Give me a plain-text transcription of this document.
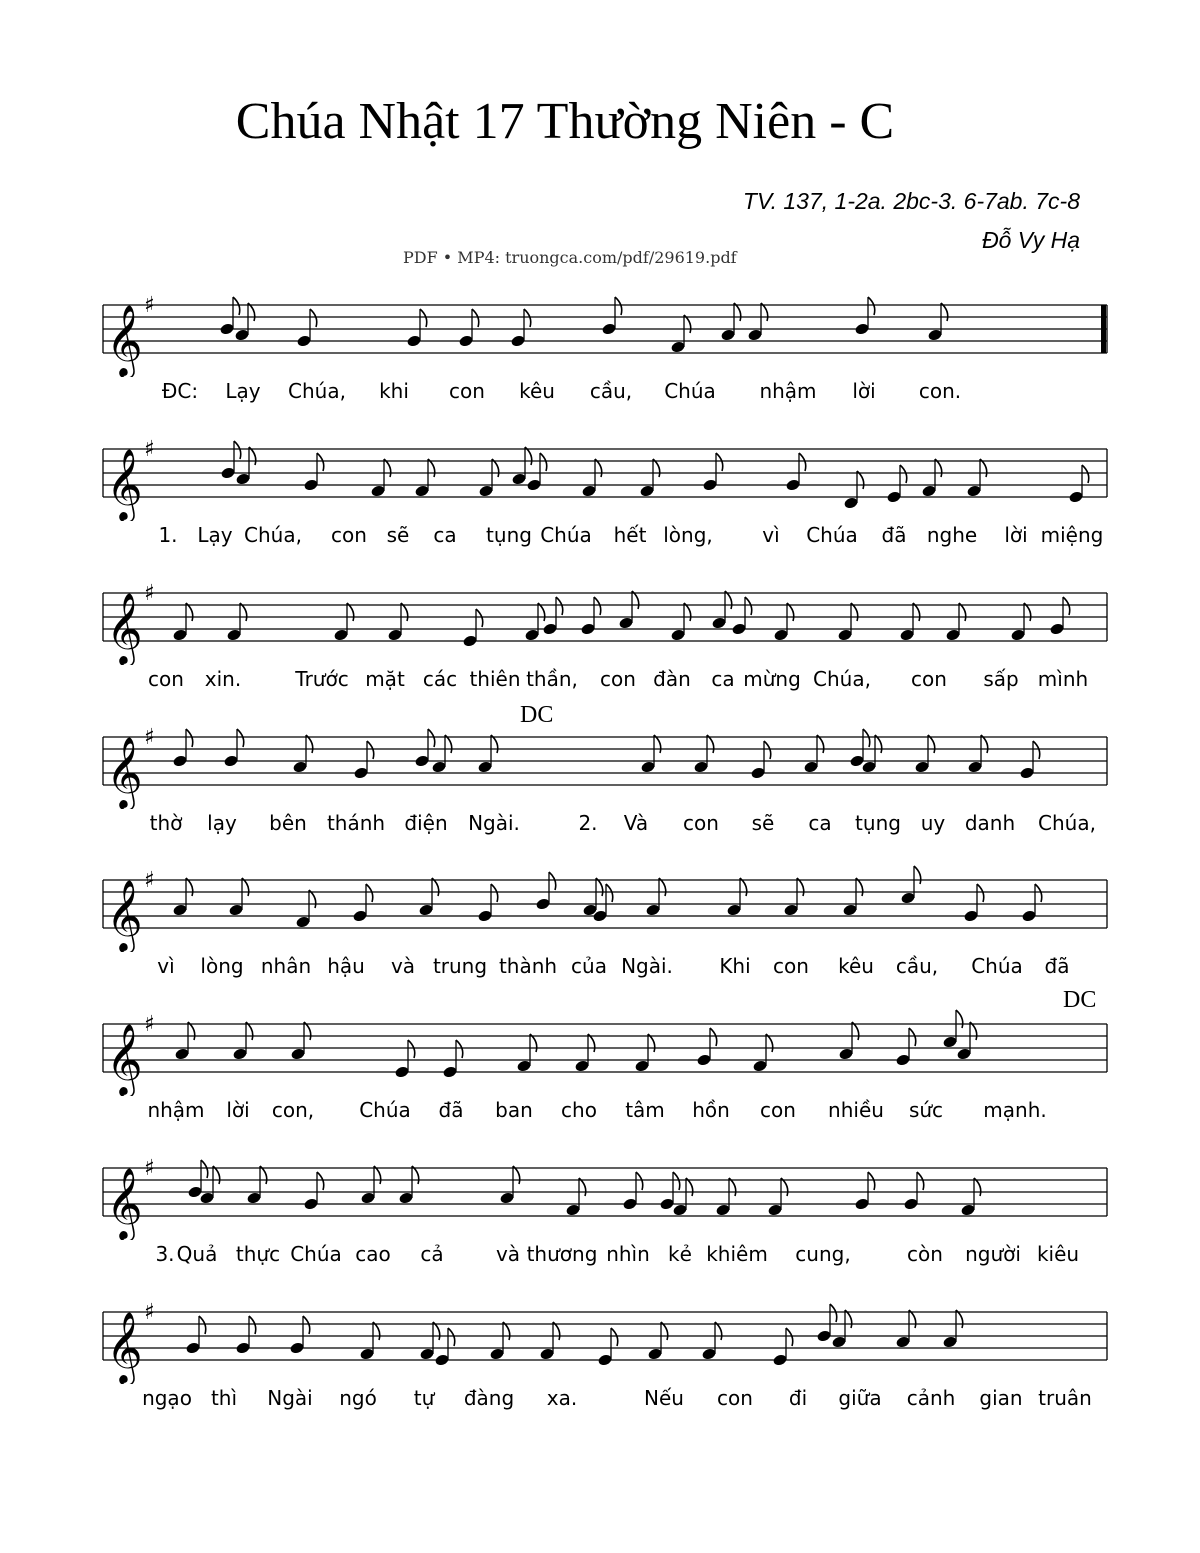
Chúa Nhật 17 Thường Niên - C
TV. 137, 1-2a. 2bc-3. 6-7ab. 7c-8
Đỗ Vy Hạ
PDF • MP4: truongca.com/pdf/29619.pdf
𝄞 ♯
ĐC: Lạy Chúa, khi con kêu cầu, Chúa nhậm lời con.
𝄞 ♯
1. Lạy Chúa, con sẽ ca tụng Chúa hết lòng, vì Chúa đã nghe lời miệng
𝄞 ♯
con xin.	Trước mặt các thiên thần, con đàn ca mừng Chúa, con sấp mình
DC
𝄞 ♯
thờ lạy bên thánh điện Ngài.	2. Và con sẽ ca tụng uy danh Chúa,
𝄞 ♯
vì lòng nhân hậu và trung thành của Ngài. Khi con kêu cầu, Chúa đã
DC
𝄞 ♯
nhậm lời con, Chúa đã ban cho tâm hồn con nhiều sức mạnh.
𝄞 ♯
3. Quả thực Chúa cao cả	và thương nhìn kẻ khiêm cung,	còn người kiêu
𝄞 ♯
ngạo thì Ngài ngó tự đàng xa.	Nếu con đi giữa cảnh gian truân
